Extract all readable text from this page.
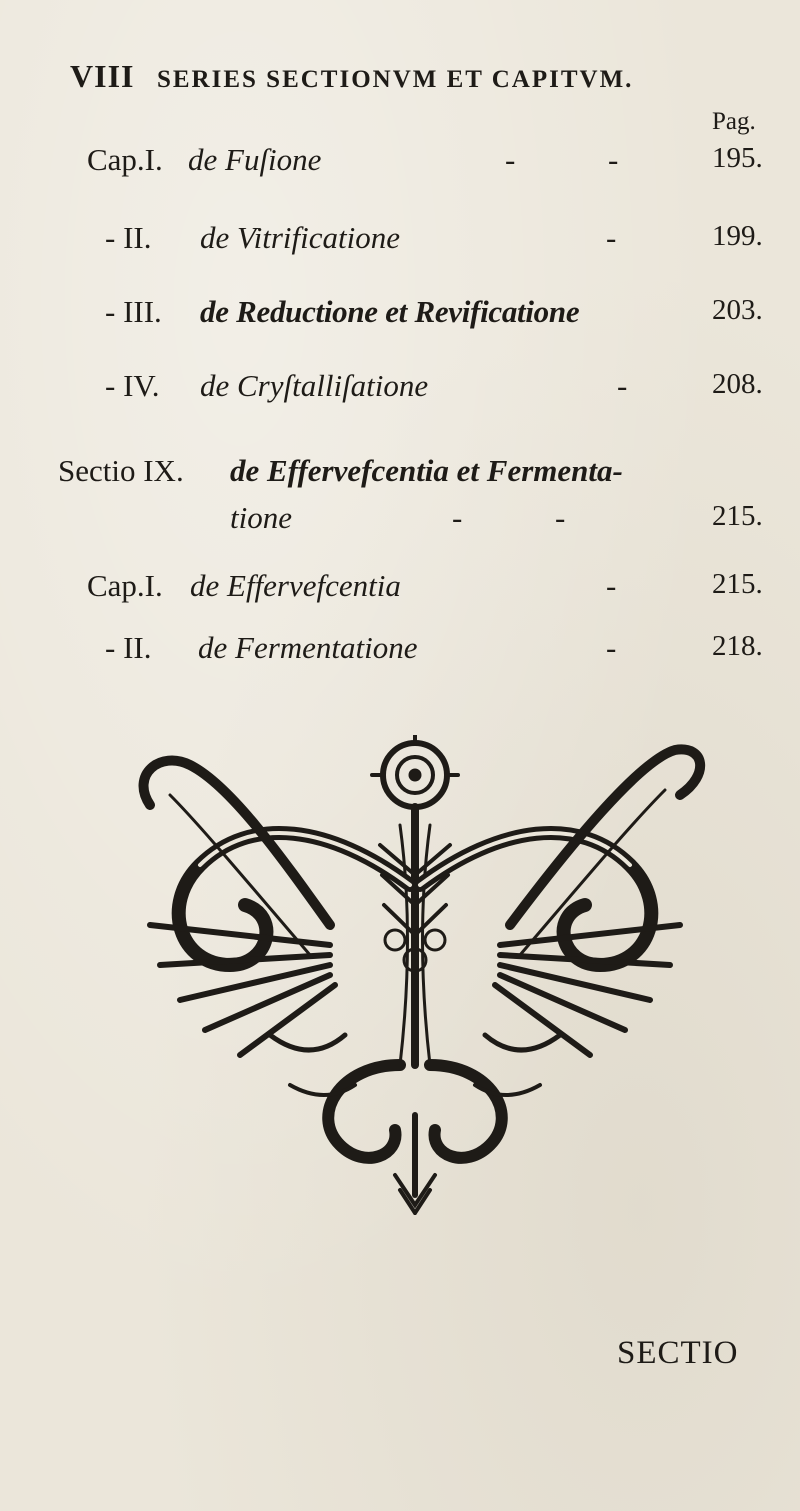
VIII SERIES SECTIONVM ET CAPITVM.
Pag.
Cap.I. de Fuſione	-	-	195.
- II. de Vitrificatione	-	199.
- III. de Reductione et Revificatione	203.
- IV. de Cryſtalliſatione	-	208.
Sectio IX. de Effervefcentia et Fermenta-
tione	-	-	215.
Cap.I. de Effervefcentia	-	215.
- II. de Fermentatione	-	218.
SECTIO
